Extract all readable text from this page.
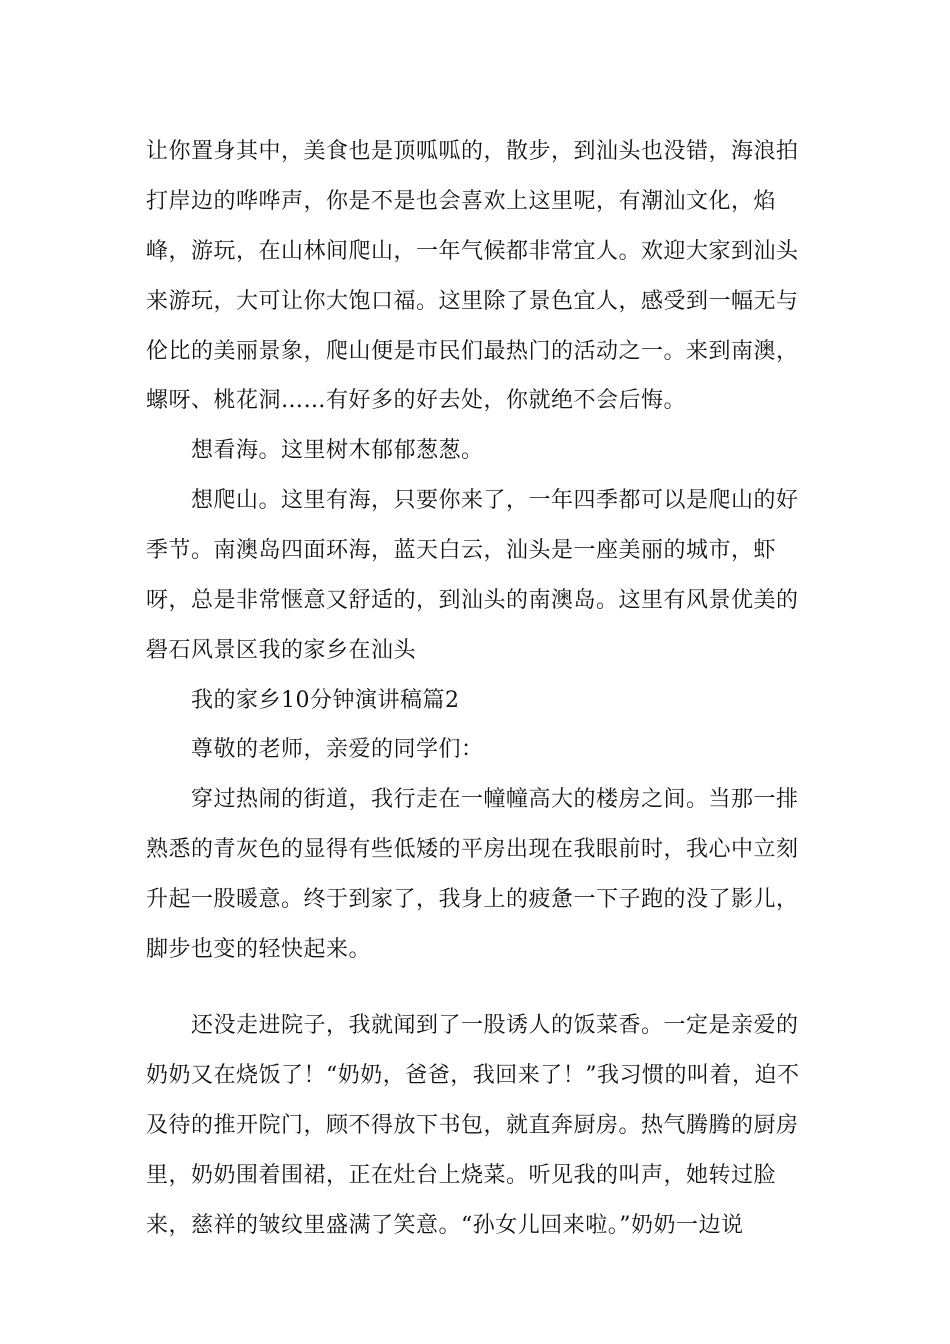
让你置身其中，美食也是顶呱呱的，散步，到汕头也没错，海浪拍
打岸边的哗哗声，你是不是也会喜欢上这里呢，有潮汕文化，焰
峰，游玩，在山林间爬山，一年气候都非常宜人。欢迎大家到汕头
来游玩，大可让你大饱口福。这里除了景色宜人，感受到一幅无与
伦比的美丽景象，爬山便是市民们最热门的活动之一。来到南澳，
螺呀、桃花洞……有好多的好去处，你就绝不会后悔。
想看海。这里树木郁郁葱葱。
想爬山。这里有海，只要你来了，一年四季都可以是爬山的好
季节。南澳岛四面环海，蓝天白云，汕头是一座美丽的城市，虾
呀，总是非常惬意又舒适的，到汕头的南澳岛。这里有风景优美的
礐石风景区我的家乡在汕头
我的家乡10分钟演讲稿篇2
尊敬的老师，亲爱的同学们：
穿过热闹的街道，我行走在一幢幢高大的楼房之间。当那一排
熟悉的青灰色的显得有些低矮的平房出现在我眼前时，我心中立刻
升起一股暖意。终于到家了，我身上的疲惫一下子跑的没了影儿，
脚步也变的轻快起来。
还没走进院子，我就闻到了一股诱人的饭菜香。一定是亲爱的
奶奶又在烧饭了！“奶奶，爸爸，我回来了！”我习惯的叫着，迫不
及待的推开院门，顾不得放下书包，就直奔厨房。热气腾腾的厨房
里，奶奶围着围裙，正在灶台上烧菜。听见我的叫声，她转过脸
来，慈祥的皱纹里盛满了笑意。“孙女儿回来啦。”奶奶一边说
